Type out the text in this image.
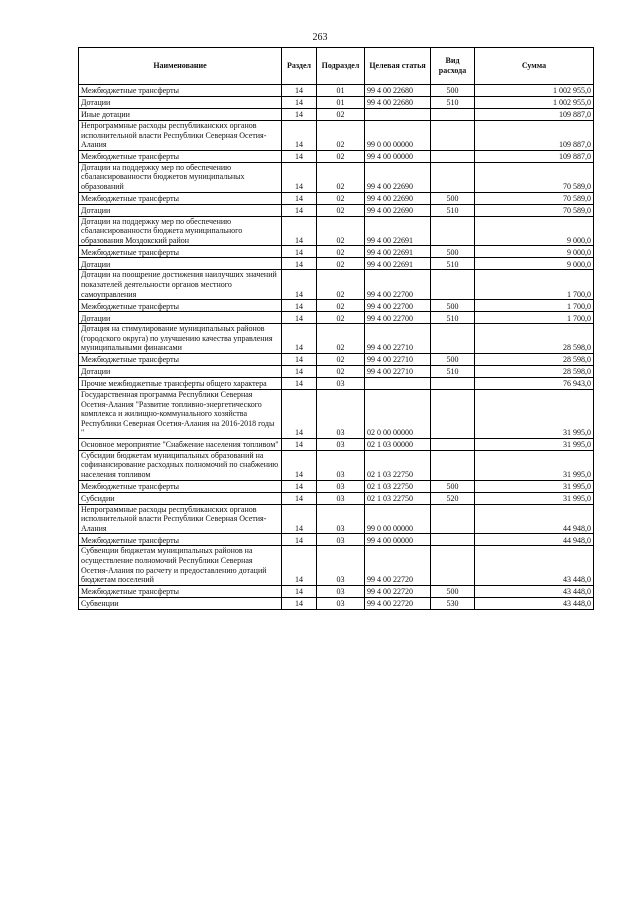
263
Наименование	Раздел	Подраздел	Целевая статья	Вид расхода	Сумма
Межбюджетные трансферты	14	01	99 4 00 22680	500	1 002 955,0
Дотации	14	01	99 4 00 22680	510	1 002 955,0
Иные дотации	14	02			109 887,0
Непрограммные расходы республиканских органов исполнительной власти Республики Северная Осетия-Алания	14	02	99 0 00 00000		109 887,0
Межбюджетные трансферты	14	02	99 4 00 00000		109 887,0
Дотации на поддержку мер по обеспечению сбалансированности бюджетов муниципальных образований	14	02	99 4 00 22690		70 589,0
Межбюджетные трансферты	14	02	99 4 00 22690	500	70 589,0
Дотации	14	02	99 4 00 22690	510	70 589,0
Дотации на поддержку мер по обеспечению сбалансированности бюджета муниципального образования Моздокский район	14	02	99 4 00 22691		9 000,0
Межбюджетные трансферты	14	02	99 4 00 22691	500	9 000,0
Дотации	14	02	99 4 00 22691	510	9 000,0
Дотации на поощрение достижения наилучших значений показателей деятельности органов местного самоуправления	14	02	99 4 00 22700		1 700,0
Межбюджетные трансферты	14	02	99 4 00 22700	500	1 700,0
Дотации	14	02	99 4 00 22700	510	1 700,0
Дотация на стимулирование муниципальных районов (городского округа) по улучшению качества управления муниципальными финансами	14	02	99 4 00 22710		28 598,0
Межбюджетные трансферты	14	02	99 4 00 22710	500	28 598,0
Дотации	14	02	99 4 00 22710	510	28 598,0
Прочие межбюджетные трансферты общего характера	14	03			76 943,0
Государственная программа Республики Северная Осетия-Алания "Развитие топливно-энергетического комплекса и жилищно-коммунального хозяйства Республики Северная Осетия-Алания на 2016-2018 годы "	14	03	02 0 00 00000		31 995,0
Основное мероприятие "Снабжение населения топливом"	14	03	02 1 03 00000		31 995,0
Субсидии бюджетам муниципальных образований на софинансирование расходных полномочий по снабжению населения топливом	14	03	02 1 03 22750		31 995,0
Межбюджетные трансферты	14	03	02 1 03 22750	500	31 995,0
Субсидии	14	03	02 1 03 22750	520	31 995,0
Непрограммные расходы республиканских органов исполнительной власти Республики Северная Осетия-Алания	14	03	99 0 00 00000		44 948,0
Межбюджетные трансферты	14	03	99 4 00 00000		44 948,0
Субвенции бюджетам муниципальных районов на осуществление полномочий Республики Северная Осетия-Алания по расчету и предоставлению дотаций бюджетам поселений	14	03	99 4 00 22720		43 448,0
Межбюджетные трансферты	14	03	99 4 00 22720	500	43 448,0
Субвенции	14	03	99 4 00 22720	530	43 448,0
